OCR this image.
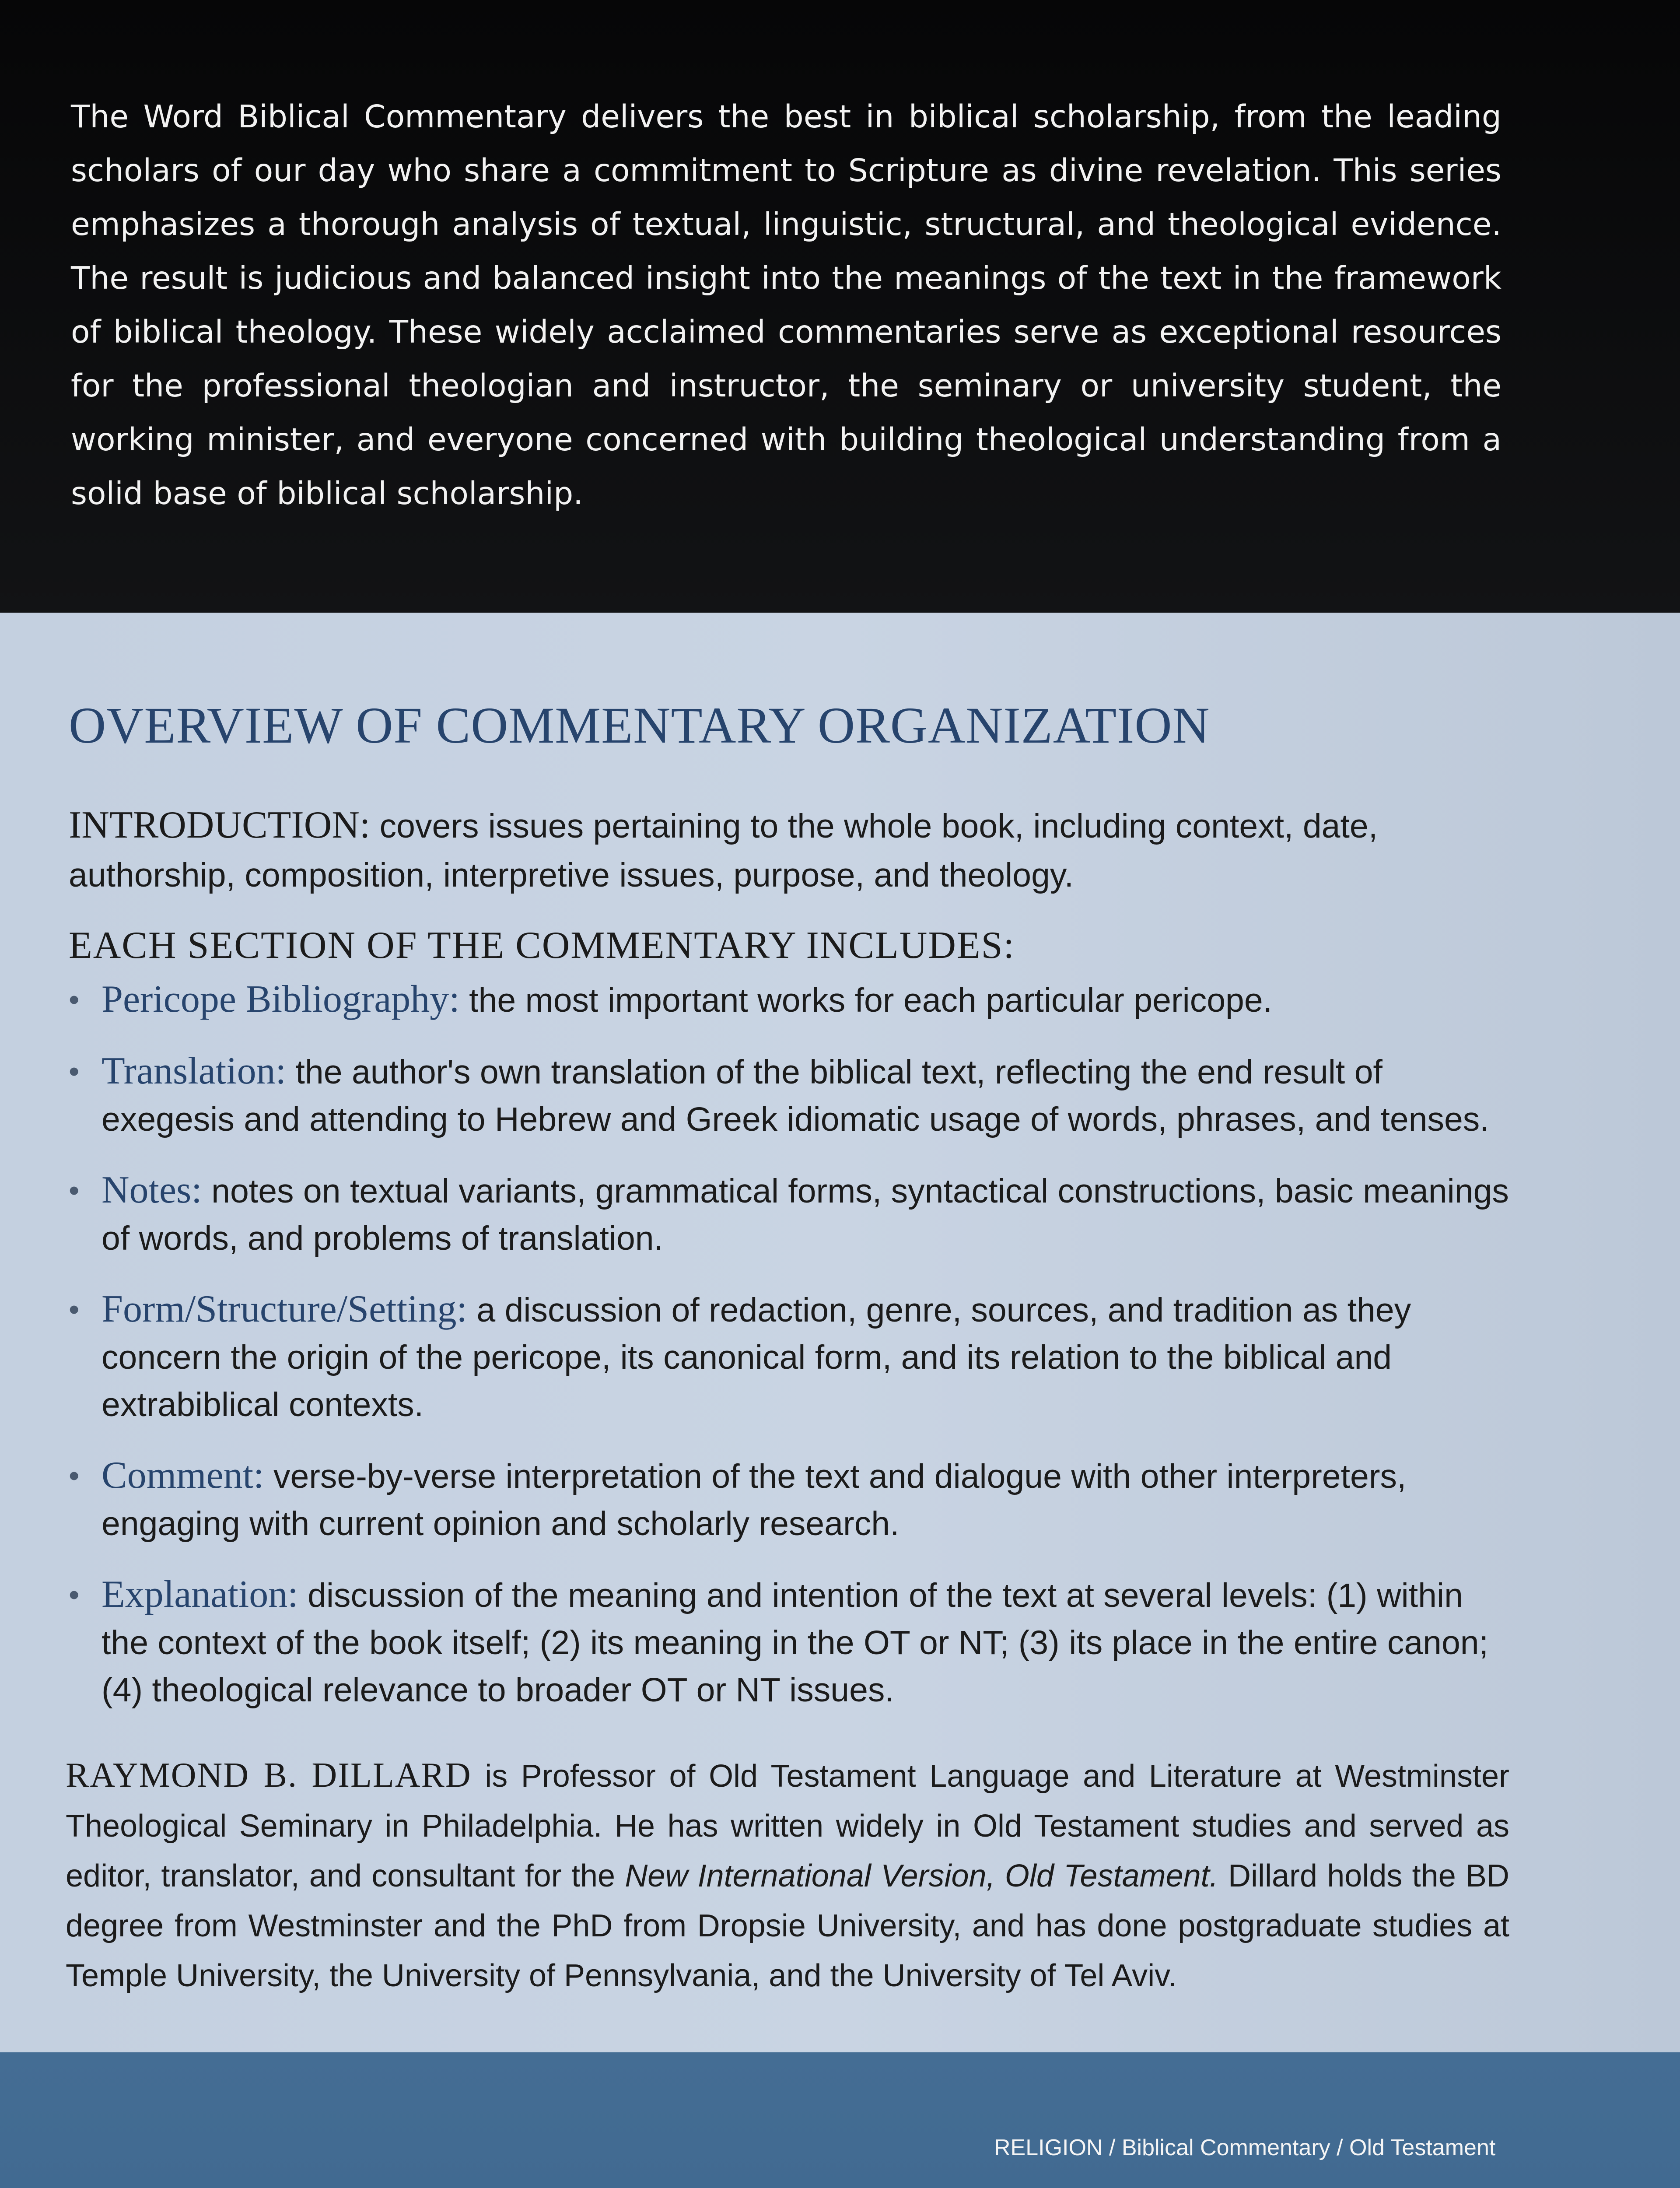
The Word Biblical Commentary delivers the best in biblical scholarship, from the leading scholars of our day who share a commitment to Scripture as divine revelation. This series emphasizes a thorough analysis of textual, linguistic, structural, and theological evidence. The result is judicious and balanced insight into the meanings of the text in the framework of biblical theology. These widely acclaimed commentaries serve as exceptional resources for the professional theologian and instructor, the seminary or university student, the working minister, and everyone concerned with building theological understanding from a solid base of biblical scholarship.

OVERVIEW OF COMMENTARY ORGANIZATION

INTRODUCTION: covers issues pertaining to the whole book, including context, date, authorship, composition, interpretive issues, purpose, and theology.

EACH SECTION OF THE COMMENTARY INCLUDES:
• Pericope Bibliography: the most important works for each particular pericope.
• Translation: the author's own translation of the biblical text, reflecting the end result of exegesis and attending to Hebrew and Greek idiomatic usage of words, phrases, and tenses.
• Notes: notes on textual variants, grammatical forms, syntactical constructions, basic meanings of words, and problems of translation.
• Form/Structure/Setting: a discussion of redaction, genre, sources, and tradition as they concern the origin of the pericope, its canonical form, and its relation to the biblical and extrabiblical contexts.
• Comment: verse-by-verse interpretation of the text and dialogue with other interpreters, engaging with current opinion and scholarly research.
• Explanation: discussion of the meaning and intention of the text at several levels: (1) within the context of the book itself; (2) its meaning in the OT or NT; (3) its place in the entire canon; (4) theological relevance to broader OT or NT issues.

RAYMOND B. DILLARD is Professor of Old Testament Language and Literature at Westminster Theological Seminary in Philadelphia. He has written widely in Old Testament studies and served as editor, translator, and consultant for the New International Version, Old Testament. Dillard holds the BD degree from Westminster and the PhD from Dropsie University, and has done postgraduate studies at Temple University, the University of Pennsylvania, and the University of Tel Aviv.

RELIGION / Biblical Commentary / Old Testament
